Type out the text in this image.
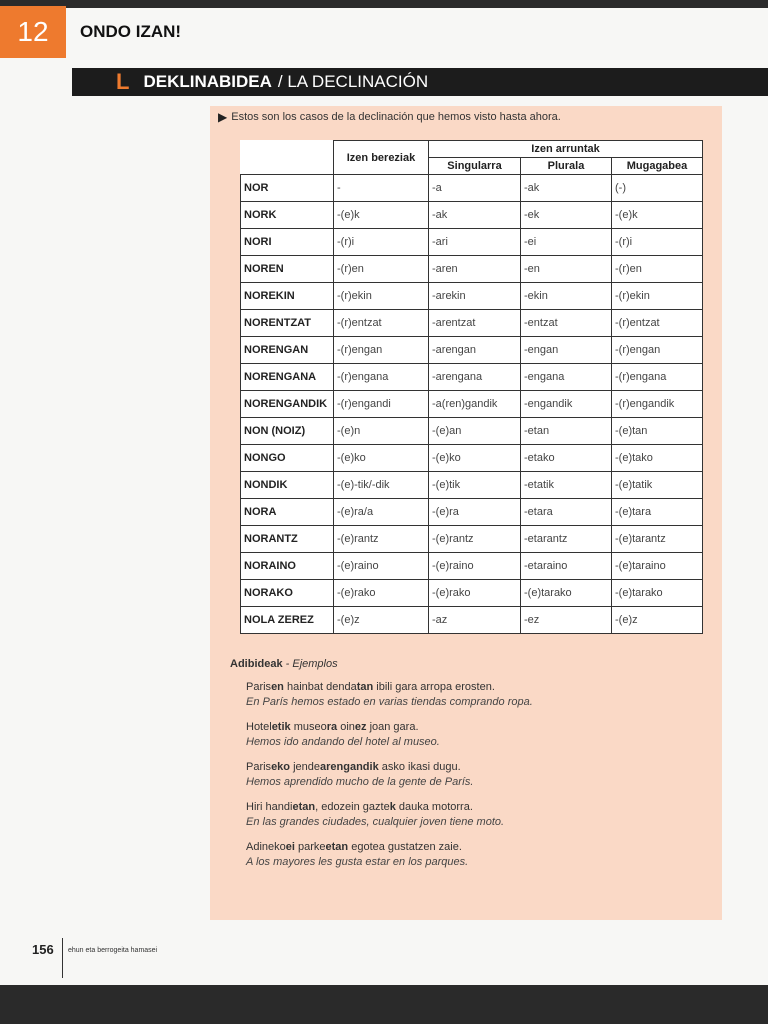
12 ONDO IZAN!
L DEKLINABIDEA / LA DECLINACIÓN
▶ Estos son los casos de la declinación que hemos visto hasta ahora.
	Izen bereziak	Izen arruntak		
		Singularra	Plurala	Mugagabea
NOR	-	-a	-ak	(-)
NORK	-(e)k	-ak	-ek	-(e)k
NORI	-(r)i	-ari	-ei	-(r)i
NOREN	-(r)en	-aren	-en	-(r)en
NOREKIN	-(r)ekin	-arekin	-ekin	-(r)ekin
NORENTZAT	-(r)entzat	-arentzat	-entzat	-(r)entzat
NORENGAN	-(r)engan	-arengan	-engan	-(r)engan
NORENGANA	-(r)engana	-arengana	-engana	-(r)engana
NORENGANDIK	-(r)engandi	-a(ren)gandik	-engandik	-(r)engandik
NON (NOIZ)	-(e)n	-(e)an	-etan	-(e)tan
NONGO	-(e)ko	-(e)ko	-etako	-(e)tako
NONDIK	-(e)-tik/-dik	-(e)tik	-etatik	-(e)tatik
NORA	-(e)ra/a	-(e)ra	-etara	-(e)tara
NORANTZ	-(e)rantz	-(e)rantz	-etarantz	-(e)tarantz
NORAINO	-(e)raino	-(e)raino	-etaraino	-(e)taraino
NORAKO	-(e)rako	-(e)rako	-(e)tarako	-(e)tarako
NOLA ZEREZ	-(e)z	-az	-ez	-(e)z
Adibideak - Ejemplos
Parisen hainbat dendatan ibili gara arropa erosten.
En París hemos estado en varias tiendas comprando ropa.
Hoteletik museora oinez joan gara.
Hemos ido andando del hotel al museo.
Pariseko jendearengandik asko ikasi dugu.
Hemos aprendido mucho de la gente de París.
Hiri handietan, edozein gaztek dauka motorra.
En las grandes ciudades, cualquier joven tiene moto.
Adinekoei parkeetan egotea gustatzen zaie.
A los mayores les gusta estar en los parques.
156 ehun eta berrogeita hamasei
